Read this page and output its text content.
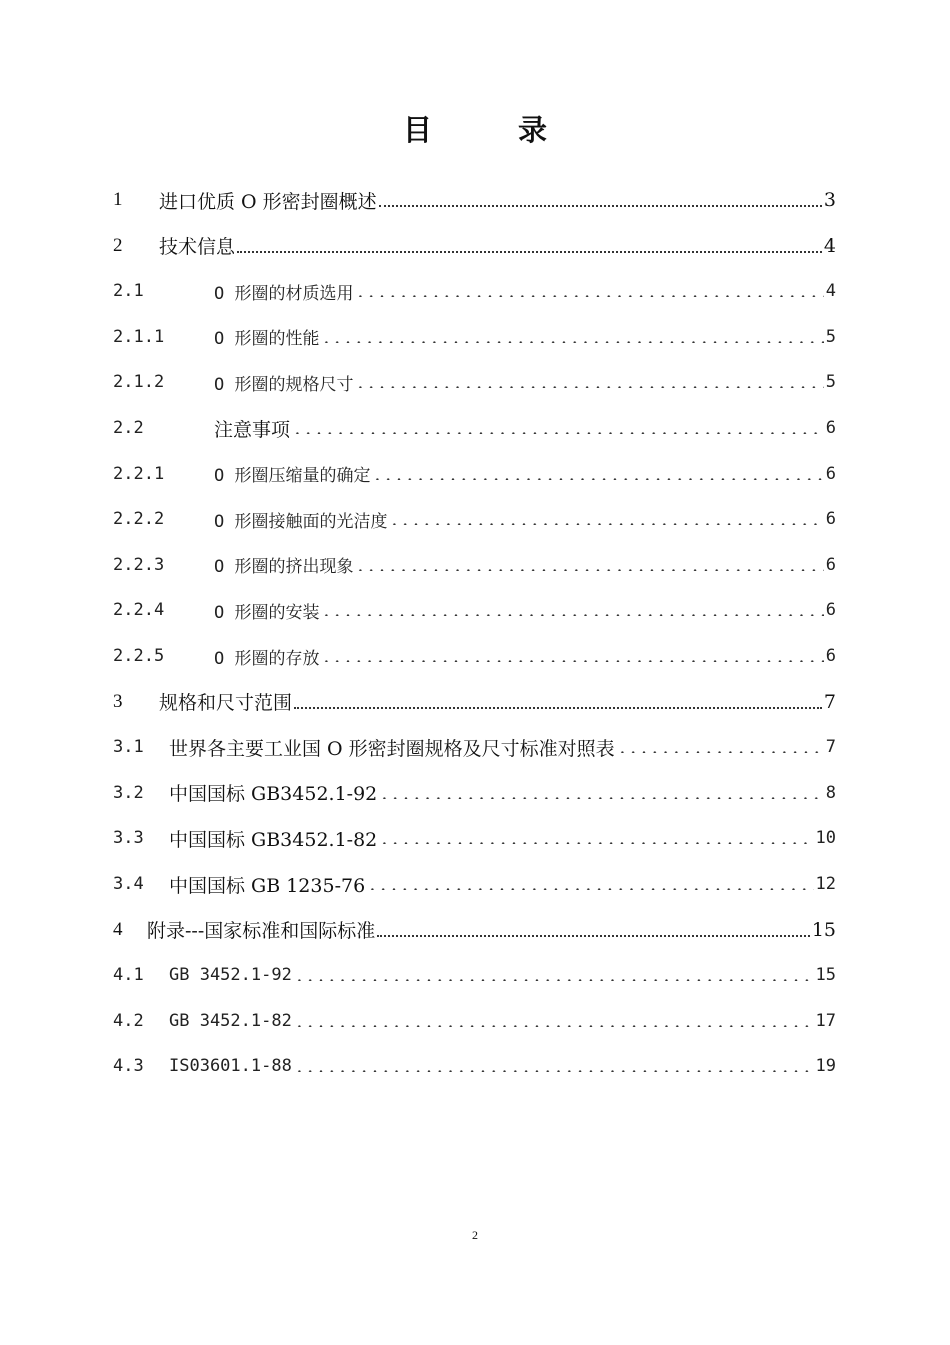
目	录
1	进口优质 O 形密封圈概述	3
2	技术信息	4
2.1	O 形圈的材质选用	4
2.1.1	O 形圈的性能	5
2.1.2	O 形圈的规格尺寸	5
2.2	注意事项	6
2.2.1	O 形圈压缩量的确定	6
2.2.2	O 形圈接触面的光洁度	6
2.2.3	O 形圈的挤出现象	6
2.2.4	O 形圈的安装	6
2.2.5	O 形圈的存放	6
3	规格和尺寸范围	7
3.1	世界各主要工业国 O 形密封圈规格及尺寸标准对照表	7
3.2	中国国标 GB3452.1-92	8
3.3	中国国标 GB3452.1-82	10
3.4	中国国标 GB 1235-76	12
4	附录---国家标准和国际标准	15
4.1	GB 3452.1-92	15
4.2	GB 3452.1-82	17
4.3	IS03601.1-88	19
2
